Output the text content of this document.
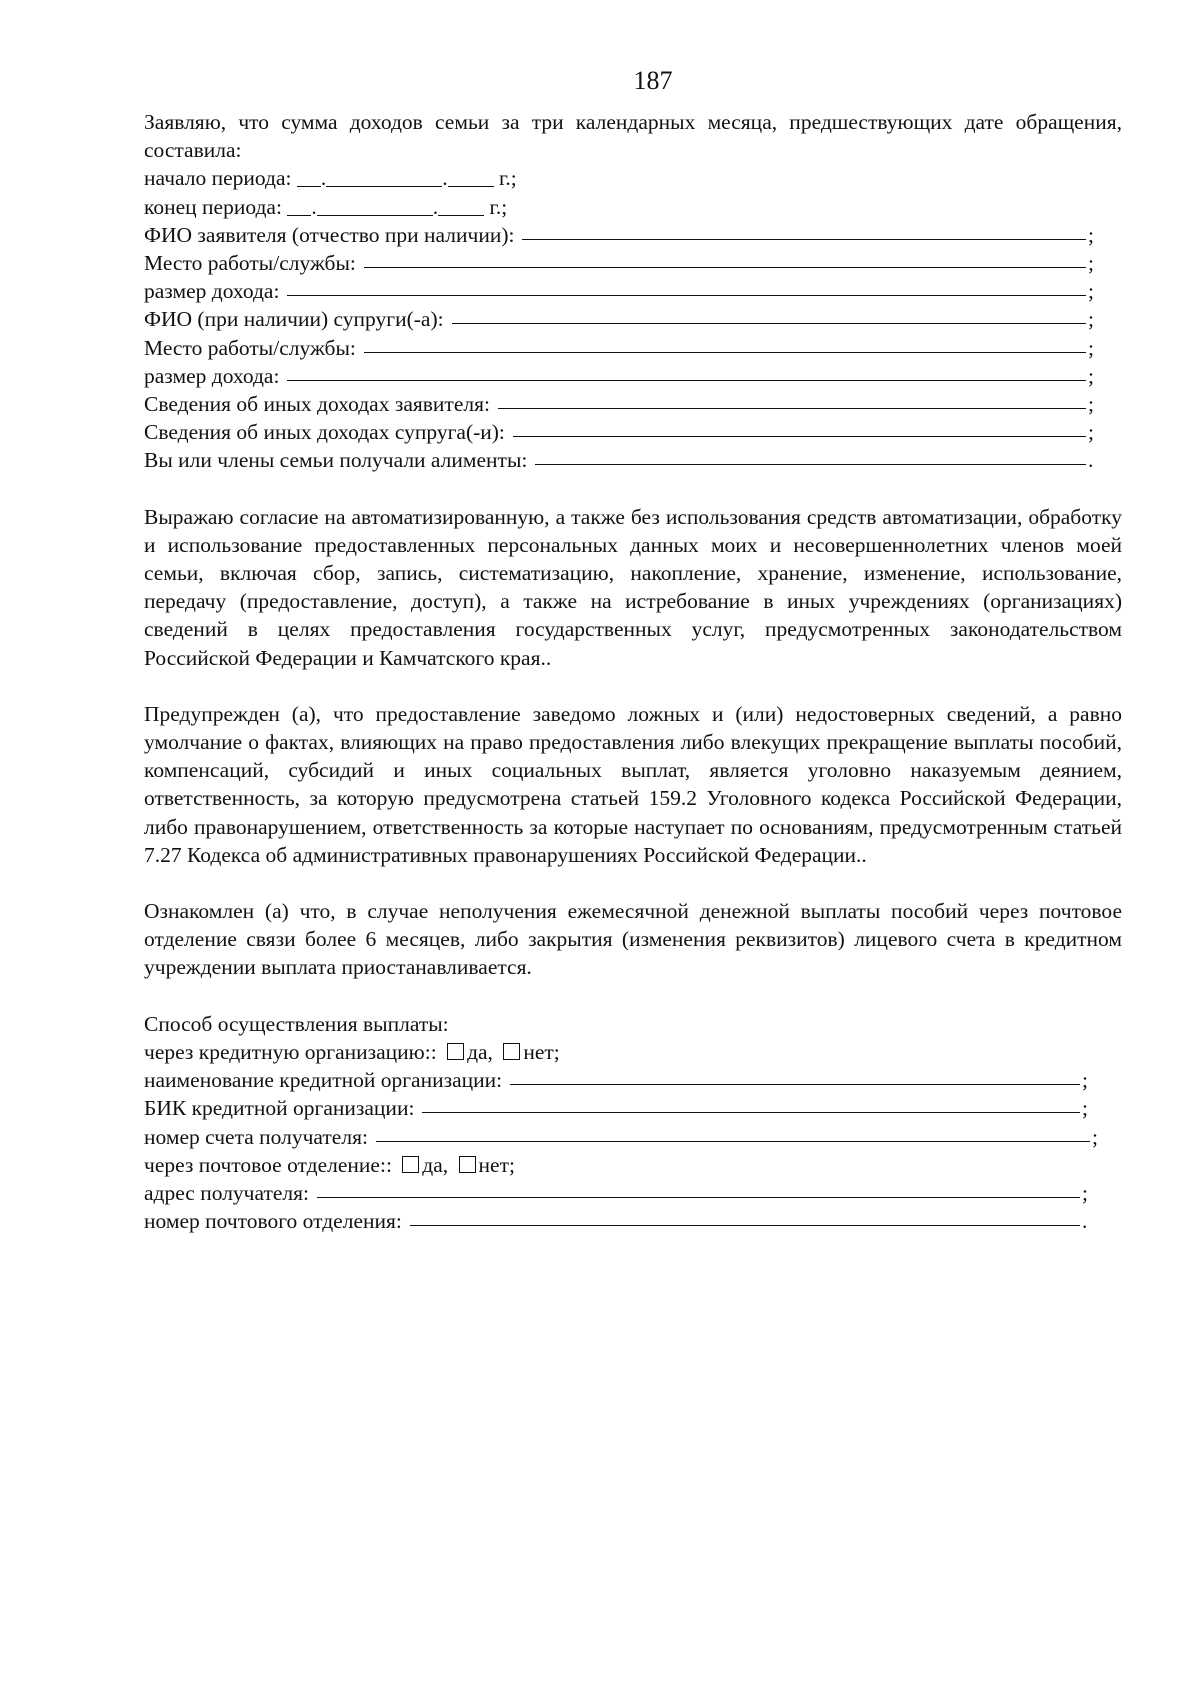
187

Заявляю, что сумма доходов семьи за три календарных месяца, предшествующих дате обращения, составила:

начало периода: .	. г.;
конец периода: .	. г.;
ФИО заявителя (отчество при наличии):	;
Место работы/службы:	;
размер дохода:	;
ФИО (при наличии) супруги(-а):	;
Место работы/службы:	;
размер дохода:	;
Сведения об иных доходах заявителя:	;
Сведения об иных доходах супруга(-и):	;
Вы или члены семьи получали алименты:	.

Выражаю согласие на автоматизированную, а также без использования средств автоматизации, обработку и использование предоставленных персональных данных моих и несовершеннолетних членов моей семьи, включая сбор, запись, систематизацию, накопление, хранение, изменение, использование, передачу (предоставление, доступ), а также на истребование в иных учреждениях (организациях) сведений в целях предоставления государственных услуг, предусмотренных законодательством Российской Федерации и Камчатского края..

Предупрежден (а), что предоставление заведомо ложных и (или) недостоверных сведений, а равно умолчание о фактах, влияющих на право предоставления либо влекущих прекращение выплаты пособий, компенсаций, субсидий и иных социальных выплат, является уголовно наказуемым деянием, ответственность, за которую предусмотрена статьей 159.2 Уголовного кодекса Российской Федерации, либо правонарушением, ответственность за которые наступает по основаниям, предусмотренным статьей 7.27 Кодекса об административных правонарушениях Российской Федерации..

Ознакомлен (а) что, в случае неполучения ежемесячной денежной выплаты пособий через почтовое отделение связи более 6 месяцев, либо закрытия (изменения реквизитов) лицевого счета в кредитном учреждении выплата приостанавливается.

Способ осуществления выплаты:
через кредитную организацию:: да, нет;
наименование кредитной организации:	;
БИК кредитной организации:	;
номер счета получателя:	;
через почтовое отделение:: да, нет;
адрес получателя:	;
номер почтового отделения:	.
